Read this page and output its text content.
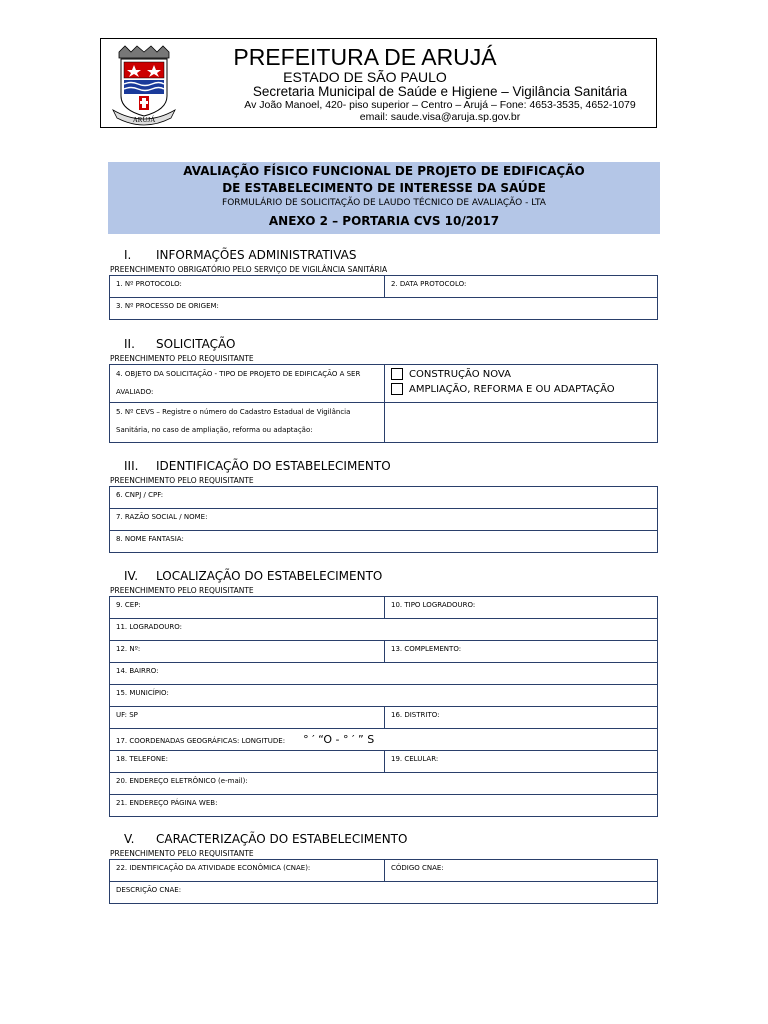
PREFEITURA DE ARUJÁ
ESTADO DE SÃO PAULO
Secretaria Municipal de Saúde e Higiene – Vigilância Sanitária
Av João Manoel, 420- piso superior – Centro – Arujá – Fone: 4653-3535, 4652-1079
email: saude.visa@aruja.sp.gov.br
ARUJÁ
AVALIAÇÃO FÍSICO FUNCIONAL DE PROJETO DE EDIFICAÇÃO
DE ESTABELECIMENTO DE INTERESSE DA SAÚDE
FORMULÁRIO DE SOLICITAÇÃO DE LAUDO TÉCNICO DE AVALIAÇÃO - LTA
ANEXO 2 – PORTARIA CVS 10/2017
I. INFORMAÇÕES ADMINISTRATIVAS
PREENCHIMENTO OBRIGATÓRIO PELO SERVIÇO DE VIGILÂNCIA SANITÁRIA
1. Nº PROTOCOLO:	2. DATA PROTOCOLO:

3. Nº PROCESSO DE ORIGEM:
II. SOLICITAÇÃO
PREENCHIMENTO PELO REQUISITANTE
4. OBJETO DA SOLICITAÇÃO - TIPO DE PROJETO DE EDIFICAÇÃO A SER AVALIADO:	CONSTRUÇÃO NOVA
AMPLIAÇÃO, REFORMA E OU ADAPTAÇÃO

5. Nº CEVS – Registre o número do Cadastro Estadual de Vigilância Sanitária, no caso de ampliação, reforma ou adaptação:	
III. IDENTIFICAÇÃO DO ESTABELECIMENTO
PREENCHIMENTO PELO REQUISITANTE
6. CNPJ / CPF:

7. RAZÃO SOCIAL / NOME:

8. NOME FANTASIA:
IV. LOCALIZAÇÃO DO ESTABELECIMENTO
PREENCHIMENTO PELO REQUISITANTE
9. CEP:	10. TIPO LOGRADOURO:

11. LOGRADOURO:	

12. Nº:	13. COMPLEMENTO:

14. BAIRRO:	

15. MUNICÍPIO:	

UF: SP	16. DISTRITO:

17. COORDENADAS GEOGRÁFICAS: LONGITUDE: ° ′ “O - ° ′ ” S	

18. TELEFONE:	19. CELULAR:

20. ENDEREÇO ELETRÔNICO (e-mail):	

21. ENDEREÇO PÁGINA WEB:	
V. CARACTERIZAÇÃO DO ESTABELECIMENTO
PREENCHIMENTO PELO REQUISITANTE
22. IDENTIFICAÇÃO DA ATIVIDADE ECONÔMICA (CNAE):	CÓDIGO CNAE:

DESCRIÇÃO CNAE:
